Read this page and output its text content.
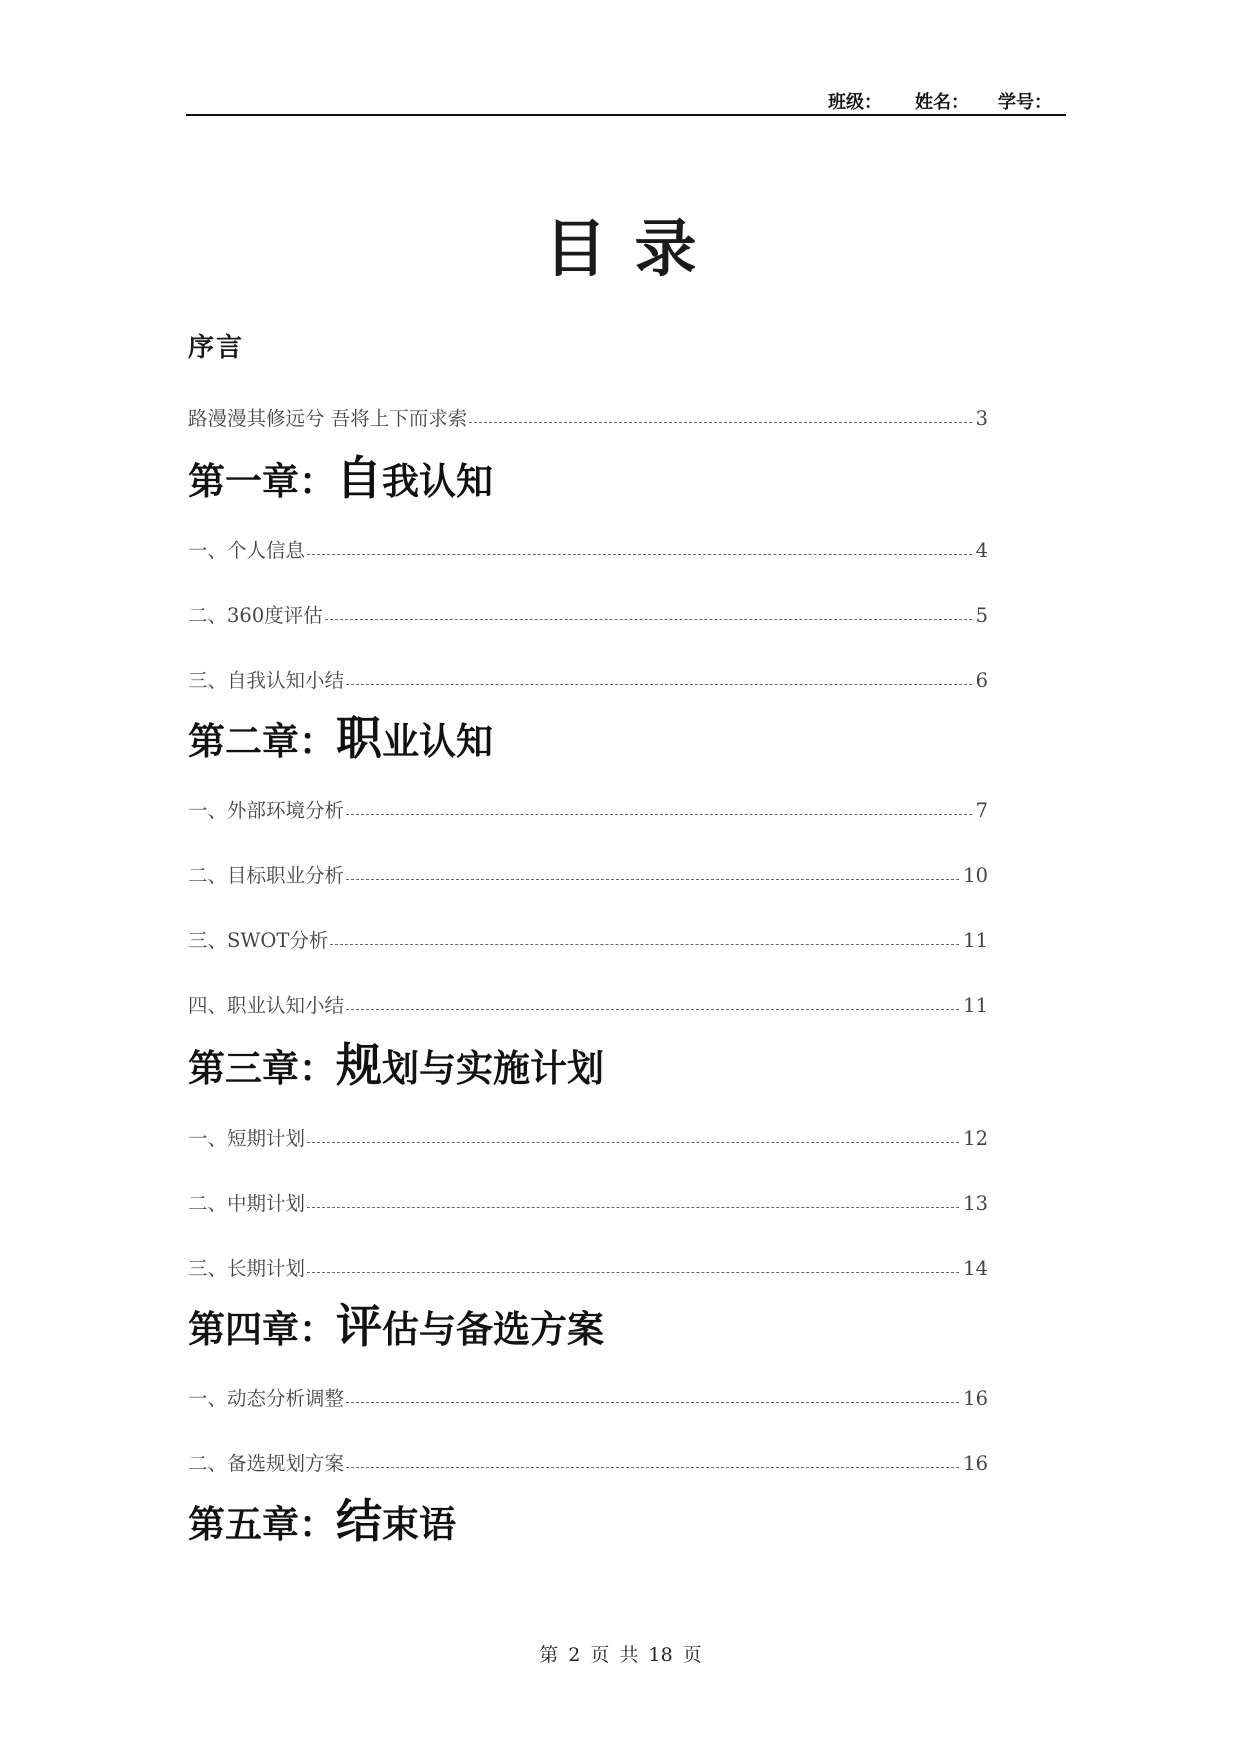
班级： 姓名： 学号：
目录
序言
路漫漫其修远兮 吾将上下而求索	3
第一章：自我认知
一、个人信息	4
二、360度评估	5
三、自我认知小结	6
第二章：职业认知
一、外部环境分析	7
二、目标职业分析	10
三、SWOT分析	11
四、职业认知小结	11
第三章：规划与实施计划
一、短期计划	12
二、中期计划	13
三、长期计划	14
第四章：评估与备选方案
一、动态分析调整	16
二、备选规划方案	16
第五章：结束语
第 2 页 共 18 页
